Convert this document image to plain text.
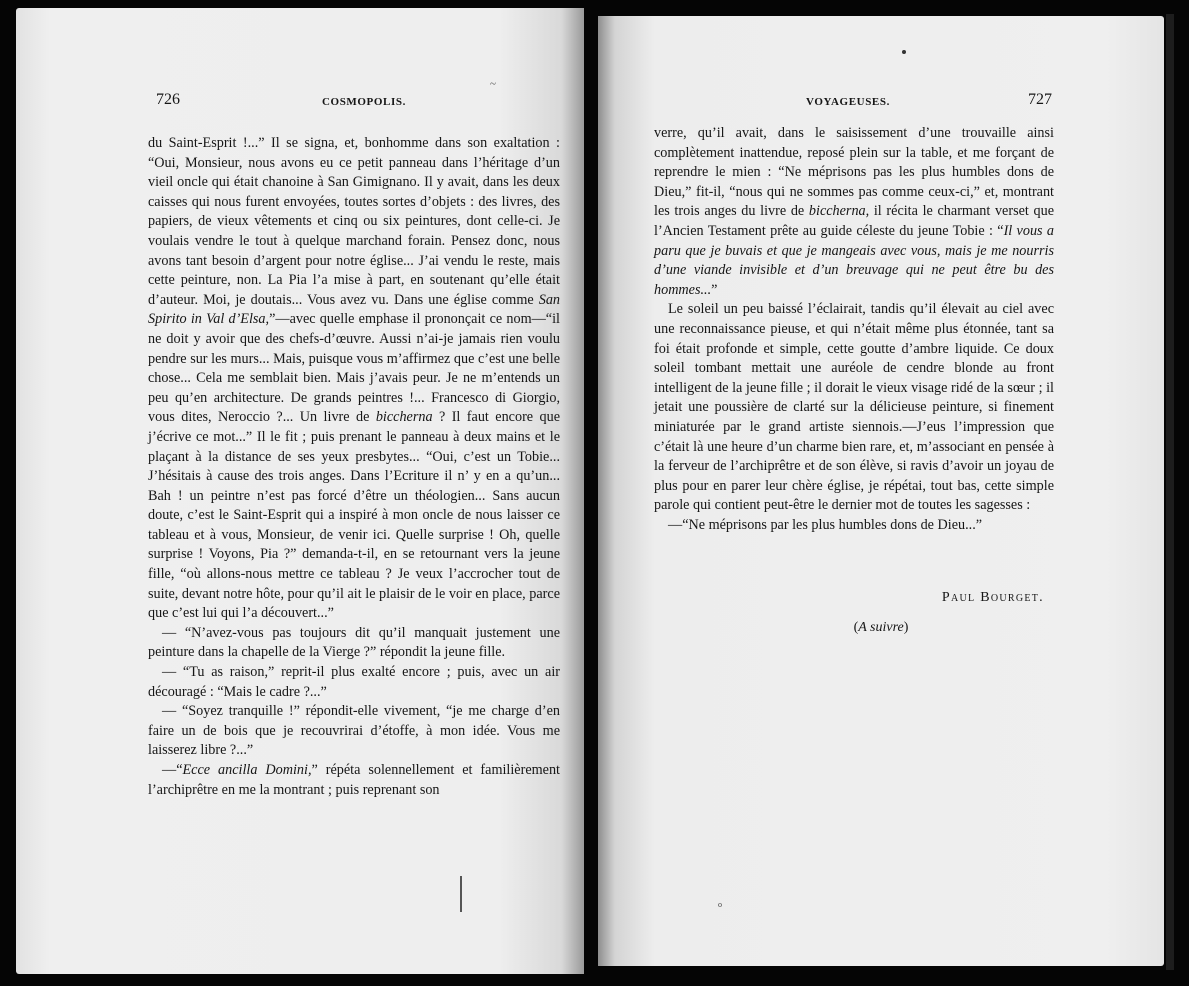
726	COSMOPOLIS.
~

du Saint-Esprit !...” Il se signa, et, bonhomme dans son exaltation : “Oui, Monsieur, nous avons eu ce petit panneau dans l’héritage d’un vieil oncle qui était chanoine à San Gimignano. Il y avait, dans les deux caisses qui nous furent envoyées, toutes sortes d’objets : des livres, des papiers, de vieux vêtements et cinq ou six peintures, dont celle-ci. Je voulais vendre le tout à quelque marchand forain. Pensez donc, nous avons tant besoin d’argent pour notre église... J’ai vendu le reste, mais cette peinture, non. La Pia l’a mise à part, en soutenant qu’elle était d’auteur. Moi, je doutais... Vous avez vu. Dans une église comme San Spirito in Val d’Elsa,”—avec quelle emphase il prononçait ce nom—“il ne doit y avoir que des chefs-d’œuvre. Aussi n’ai-je jamais rien voulu pendre sur les murs... Mais, puisque vous m’affirmez que c’est une belle chose... Cela me semblait bien. Mais j’avais peur. Je ne m’entends un peu qu’en architecture. De grands peintres !... Francesco di Giorgio, vous dites, Neroccio ?... Un livre de biccherna ? Il faut encore que j’écrive ce mot...” Il le fit ; puis prenant le panneau à deux mains et le plaçant à la distance de ses yeux presbytes... “Oui, c’est un Tobie... J’hésitais à cause des trois anges. Dans l’Ecriture il n’ y en a qu’un... Bah ! un peintre n’est pas forcé d’être un théologien... Sans aucun doute, c’est le Saint-Esprit qui a inspiré à mon oncle de nous laisser ce tableau et à vous, Monsieur, de venir ici. Quelle surprise ! Oh, quelle surprise ! Voyons, Pia ?” demanda-t-il, en se retournant vers la jeune fille, “où allons-nous mettre ce tableau ? Je veux l’accrocher tout de suite, devant notre hôte, pour qu’il ait le plaisir de le voir en place, parce que c’est lui qui l’a découvert...”

— “N’avez-vous pas toujours dit qu’il manquait justement une peinture dans la chapelle de la Vierge ?” répondit la jeune fille.

— “Tu as raison,” reprit-il plus exalté encore ; puis, avec un air découragé : “Mais le cadre ?...”

— “Soyez tranquille !” répondit-elle vivement, “je me charge d’en faire un de bois que je recouvrirai d’étoffe, à mon idée. Vous me laisserez libre ?...”

—“Ecce ancilla Domini,” répéta solennellement et familièrement l’archiprêtre en me la montrant ; puis reprenant son

VOYAGEUSES.	727

verre, qu’il avait, dans le saisissement d’une trouvaille ainsi complètement inattendue, reposé plein sur la table, et me forçant de reprendre le mien : “Ne méprisons pas les plus humbles dons de Dieu,” fit-il, “nous qui ne sommes pas comme ceux-ci,” et, montrant les trois anges du livre de biccherna, il récita le charmant verset que l’Ancien Testament prête au guide céleste du jeune Tobie : “Il vous a paru que je buvais et que je mangeais avec vous, mais je me nourris d’une viande invisible et d’un breuvage qui ne peut être bu des hommes...”

Le soleil un peu baissé l’éclairait, tandis qu’il élevait au ciel avec une reconnaissance pieuse, et qui n’était même plus étonnée, tant sa foi était profonde et simple, cette goutte d’ambre liquide. Ce doux soleil tombant mettait une auréole de cendre blonde au front intelligent de la jeune fille ; il dorait le vieux visage ridé de la sœur ; il jetait une poussière de clarté sur la délicieuse peinture, si finement miniaturée par le grand artiste siennois.—J’eus l’impression que c’était là une heure d’un charme bien rare, et, m’associant en pensée à la ferveur de l’archiprêtre et de son élève, si ravis d’avoir un joyau de plus pour en parer leur chère église, je répétai, tout bas, cette simple parole qui contient peut-être le dernier mot de toutes les sagesses :

—“Ne méprisons par les plus humbles dons de Dieu...”

Paul Bourget.
(A suivre)
o
